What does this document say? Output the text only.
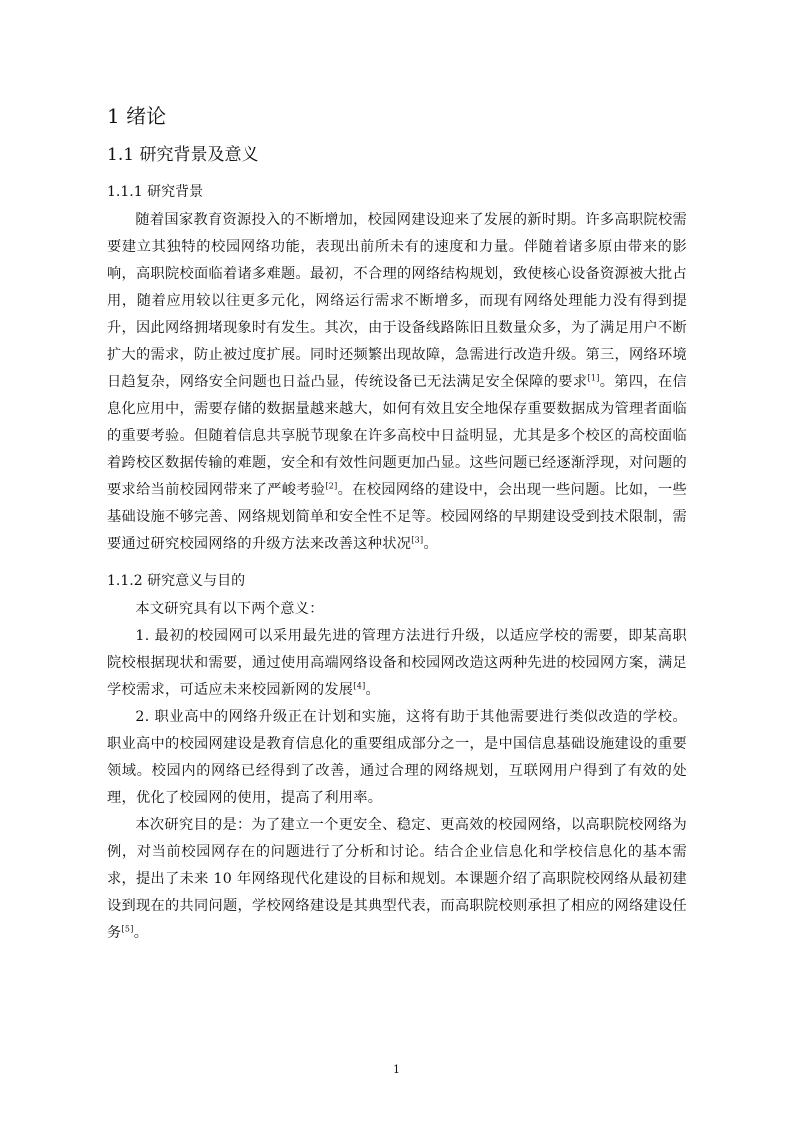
1 绪论
1.1 研究背景及意义
1.1.1 研究背景

随着国家教育资源投入的不断增加，校园网建设迎来了发展的新时期。许多高职院校需要建立其独特的校园网络功能，表现出前所未有的速度和力量。伴随着诸多原由带来的影响，高职院校面临着诸多难题。最初，不合理的网络结构规划，致使核心设备资源被大批占用，随着应用较以往更多元化，网络运行需求不断增多，而现有网络处理能力没有得到提升，因此网络拥堵现象时有发生。其次，由于设备线路陈旧且数量众多，为了满足用户不断扩大的需求，防止被过度扩展。同时还频繁出现故障，急需进行改造升级。第三，网络环境日趋复杂，网络安全问题也日益凸显，传统设备已无法满足安全保障的要求[1]。第四，在信息化应用中，需要存储的数据量越来越大，如何有效且安全地保存重要数据成为管理者面临的重要考验。但随着信息共享脱节现象在许多高校中日益明显，尤其是多个校区的高校面临着跨校区数据传输的难题，安全和有效性问题更加凸显。这些问题已经逐渐浮现，对问题的要求给当前校园网带来了严峻考验[2]。在校园网络的建设中，会出现一些问题。比如，一些基础设施不够完善、网络规划简单和安全性不足等。校园网络的早期建设受到技术限制，需要通过研究校园网络的升级方法来改善这种状况[3]。

1.1.2 研究意义与目的

本文研究具有以下两个意义：

1. 最初的校园网可以采用最先进的管理方法进行升级，以适应学校的需要，即某高职院校根据现状和需要，通过使用高端网络设备和校园网改造这两种先进的校园网方案，满足学校需求，可适应未来校园新网的发展[4]。

2. 职业高中的网络升级正在计划和实施，这将有助于其他需要进行类似改造的学校。职业高中的校园网建设是教育信息化的重要组成部分之一，是中国信息基础设施建设的重要领域。校园内的网络已经得到了改善，通过合理的网络规划，互联网用户得到了有效的处理，优化了校园网的使用，提高了利用率。

本次研究目的是：为了建立一个更安全、稳定、更高效的校园网络，以高职院校网络为例，对当前校园网存在的问题进行了分析和讨论。结合企业信息化和学校信息化的基本需求，提出了未来 10 年网络现代化建设的目标和规划。本课题介绍了高职院校网络从最初建设到现在的共同问题，学校网络建设是其典型代表，而高职院校则承担了相应的网络建设任务[5]。

1
